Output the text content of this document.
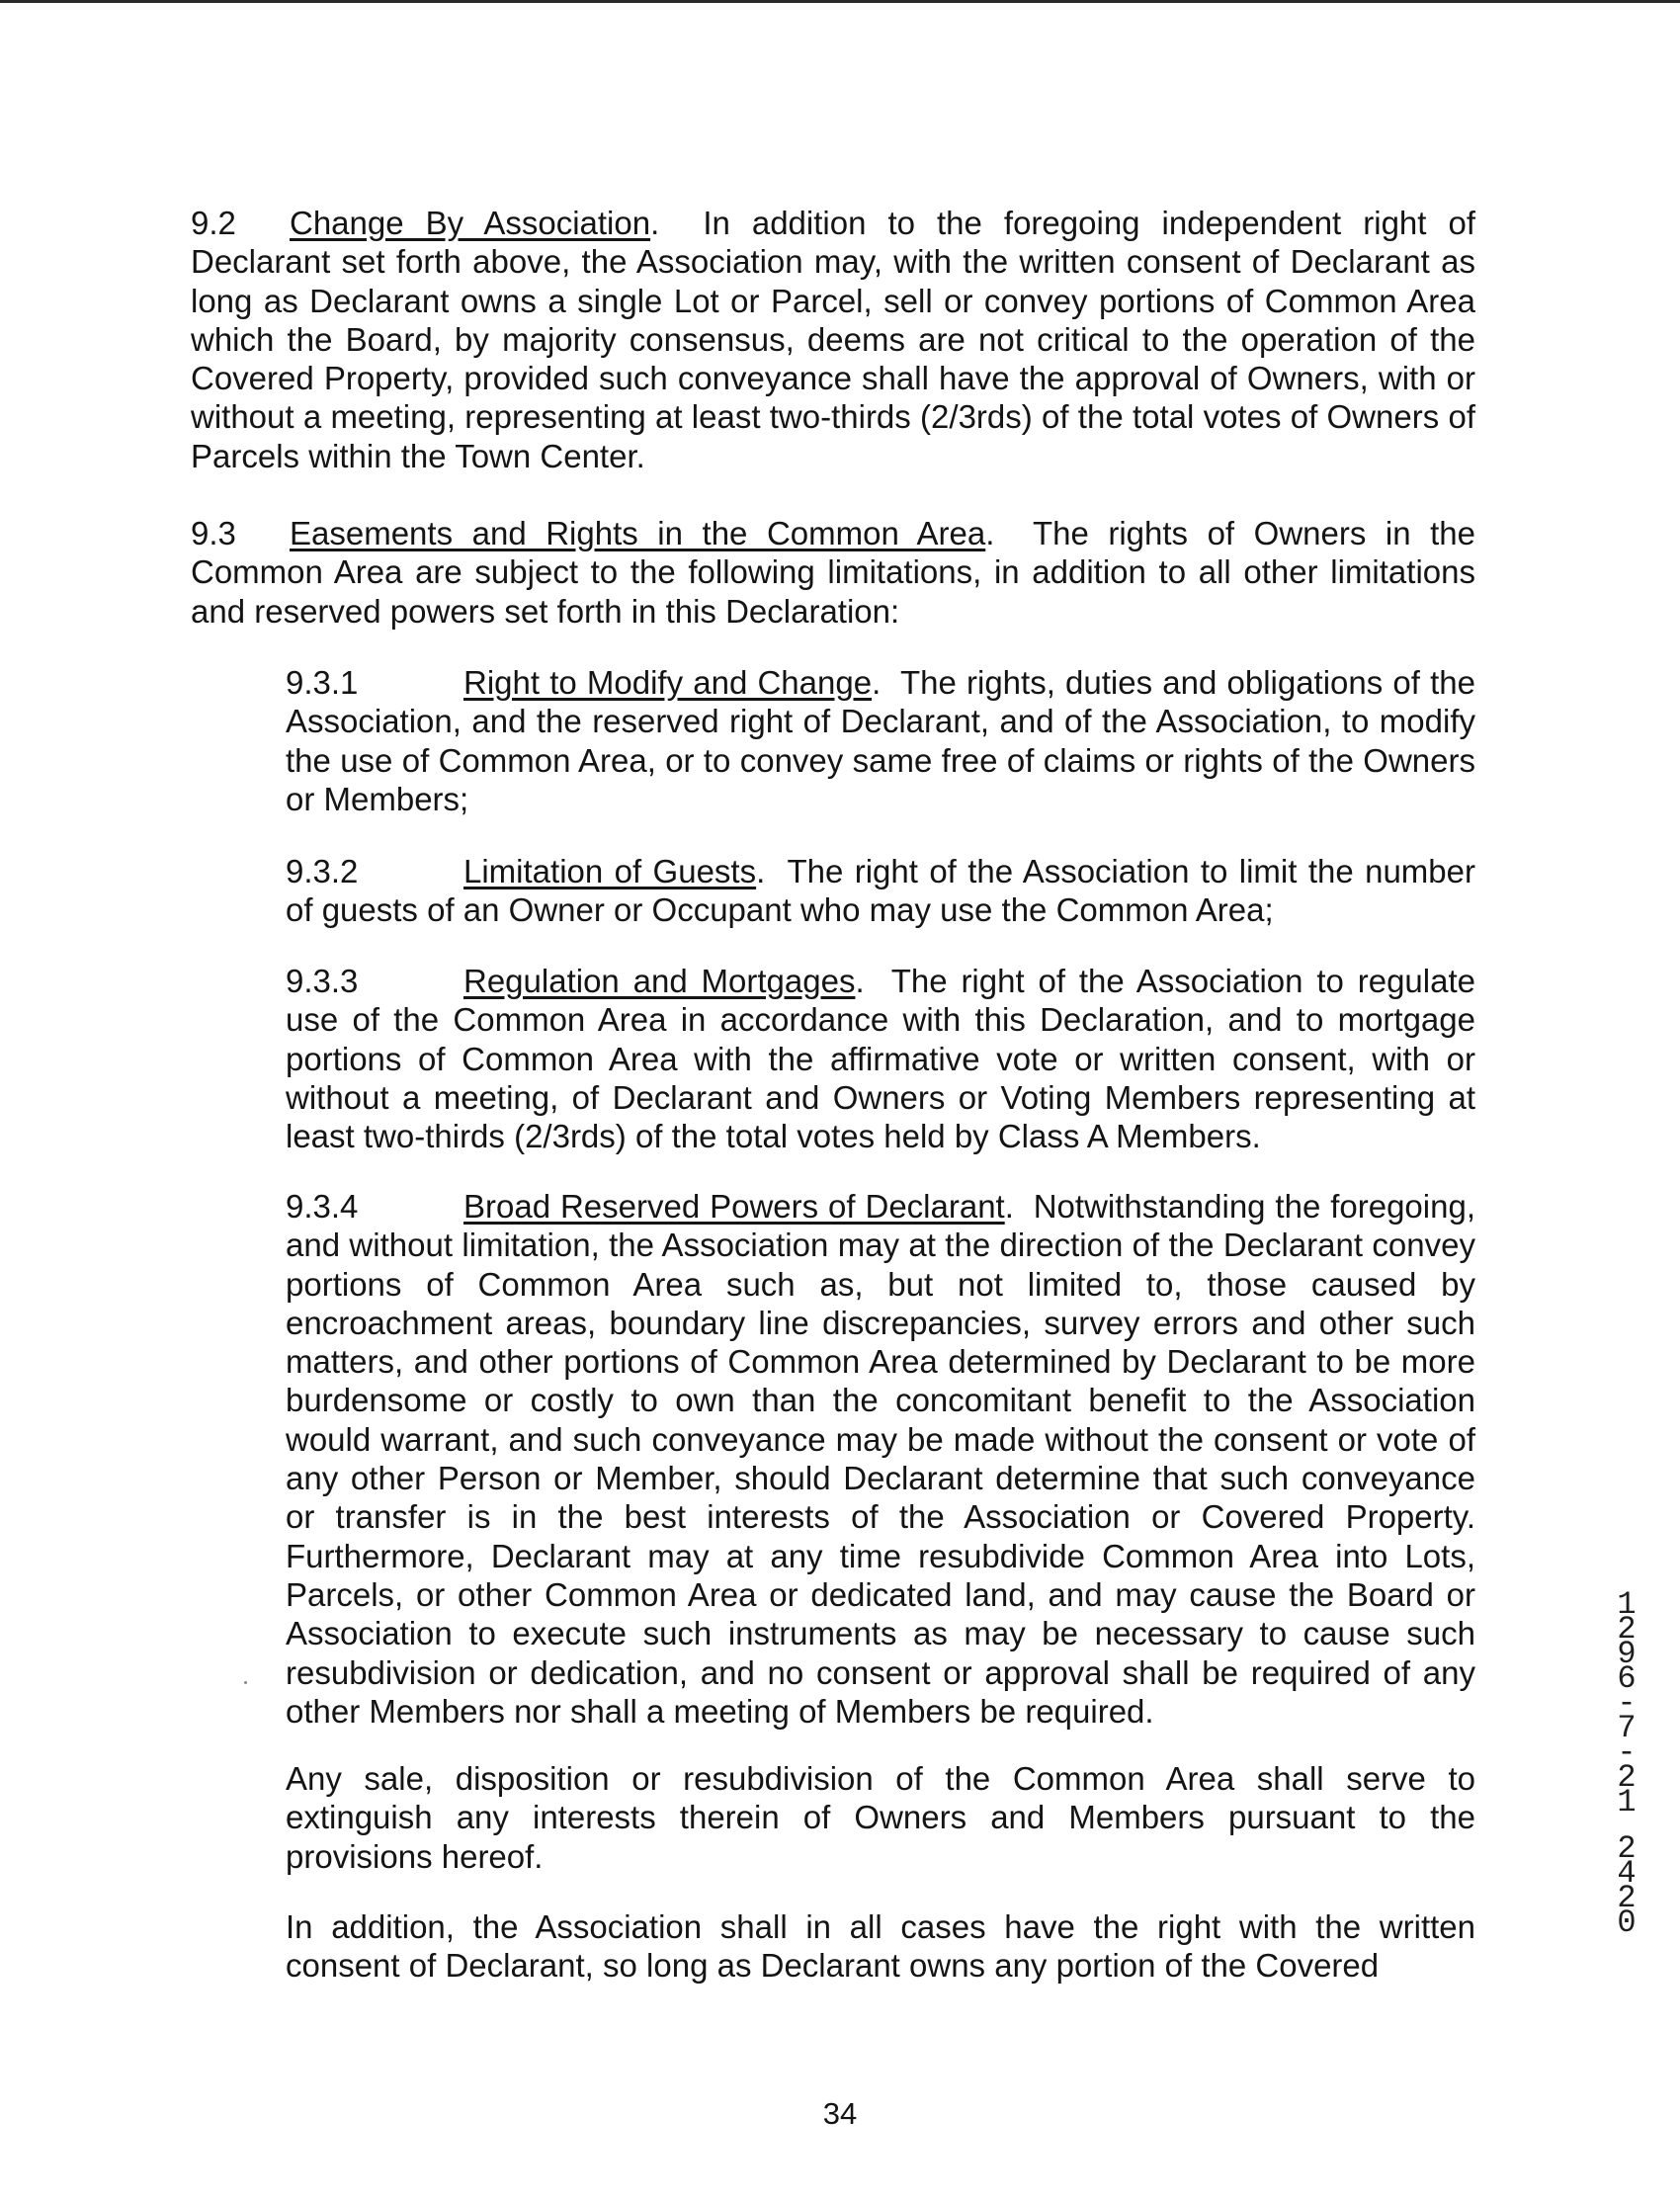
9.2 Change By Association.  In addition to the foregoing independent right of Declarant set forth above, the Association may, with the written consent of Declarant as long as Declarant owns a single Lot or Parcel, sell or convey portions of Common Area which the Board, by majority consensus, deems are not critical to the operation of the Covered Property, provided such conveyance shall have the approval of Owners, with or without a meeting, representing at least two-thirds (2/3rds) of the total votes of Owners of Parcels within the Town Center.

9.3 Easements and Rights in the Common Area.  The rights of Owners in the Common Area are subject to the following limitations, in addition to all other limitations and reserved powers set forth in this Declaration:

9.3.1	Right to Modify and Change.  The rights, duties and obligations of the Association, and the reserved right of Declarant, and of the Association, to modify the use of Common Area, or to convey same free of claims or rights of the Owners or Members;

9.3.2	Limitation of Guests.  The right of the Association to limit the number of guests of an Owner or Occupant who may use the Common Area;

9.3.3	Regulation and Mortgages.  The right of the Association to regulate use of the Common Area in accordance with this Declaration, and to mortgage portions of Common Area with the affirmative vote or written consent, with or without a meeting, of Declarant and Owners or Voting Members representing at least two-thirds (2/3rds) of the total votes held by Class A Members.

9.3.4	Broad Reserved Powers of Declarant.  Notwithstanding the foregoing, and without limitation, the Association may at the direction of the Declarant convey portions of Common Area such as, but not limited to, those caused by encroachment areas, boundary line discrepancies, survey errors and other such matters, and other portions of Common Area determined by Declarant to be more burdensome or costly to own than the concomitant benefit to the Association would warrant, and such conveyance may be made without the consent or vote of any other Person or Member, should Declarant determine that such conveyance or transfer is in the best interests of the Association or Covered Property. Furthermore, Declarant may at any time resubdivide Common Area into Lots, Parcels, or other Common Area or dedicated land, and may cause the Board or Association to execute such instruments as may be necessary to cause such resubdivision or dedication, and no consent or approval shall be required of any other Members nor shall a meeting of Members be required.

Any sale, disposition or resubdivision of the Common Area shall serve to extinguish any interests therein of Owners and Members pursuant to the provisions hereof.

In addition, the Association shall in all cases have the right with the written consent of Declarant, so long as Declarant owns any portion of the Covered

34

1296-7-21
2420
